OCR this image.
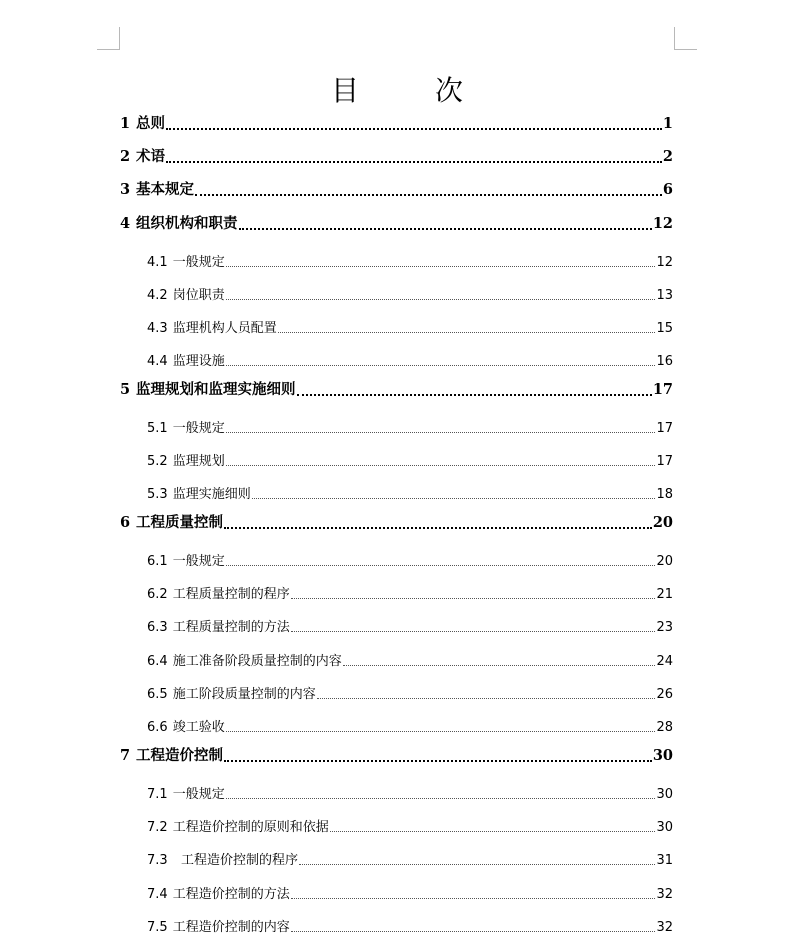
目　次
1 总则	1
2 术语	2
3 基本规定	6
4 组织机构和职责	12
4.1 一般规定	12
4.2 岗位职责	13
4.3 监理机构人员配置	15
4.4 监理设施	16
5 监理规划和监理实施细则	17
5.1 一般规定	17
5.2 监理规划	17
5.3 监理实施细则	18
6 工程质量控制	20
6.1 一般规定	20
6.2 工程质量控制的程序	21
6.3 工程质量控制的方法	23
6.4 施工准备阶段质量控制的内容	24
6.5 施工阶段质量控制的内容	26
6.6 竣工验收	28
7 工程造价控制	30
7.1 一般规定	30
7.2 工程造价控制的原则和依据	30
7.3 工程造价控制的程序	31
7.4 工程造价控制的方法	32
7.5 工程造价控制的内容	32
